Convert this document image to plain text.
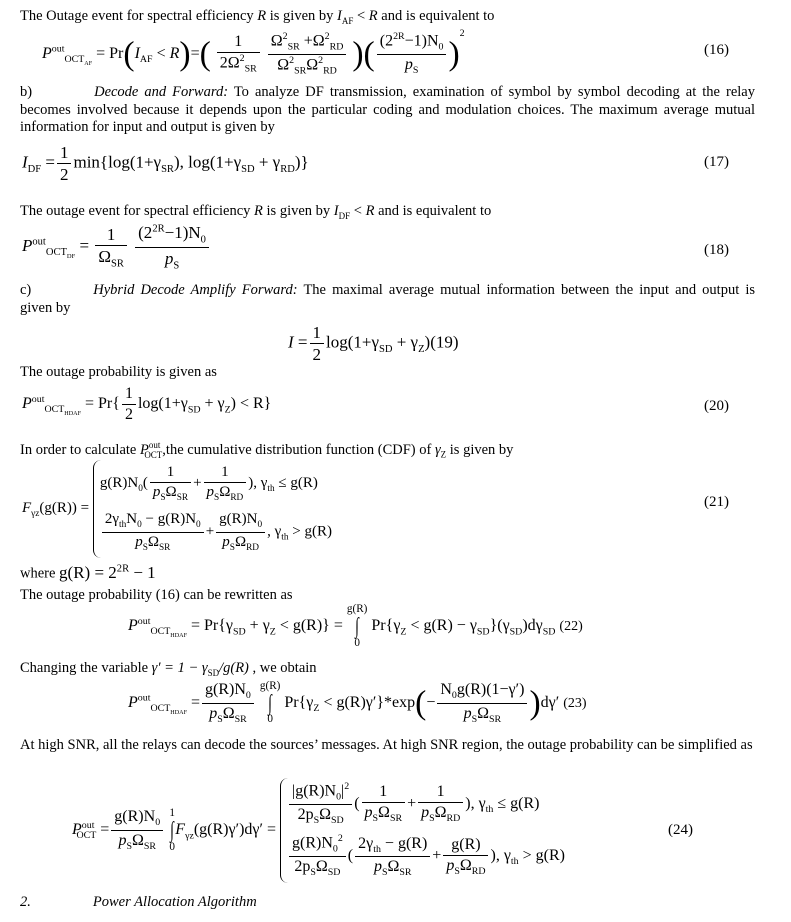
The Outage event for spectral efficiency R is given by $I_{AF} < R$ and is equivalent to
$P^{out}_{OCT_{AF}} = Pr(I_{AF} < R)=( \frac{1}{2\Omega^2_{SR}}$
$\frac{\Omega^2_{SR} +\Omega^2_{RD}}{\Omega^2_{SR}\Omega^2_{RD}}$ )( $\frac{(2^{2R}-1)N_0}{p_S} )^2$
(16)
b)	Decode and Forward: To analyze DF transmission, examination of symbol by symbol decoding at the relay becomes involved because it depends upon the particular coding and modulation choices. The maximum average mutual information for input and output is given by
$I_{DF} = \frac{1}{2} \min\{\log(1+\gamma_{SR})$, $\log(1+\gamma_{SD} + \gamma_{RD})$}	(17)
The outage event for spectral efficiency R is given by $I_{DF} < R$ and is equivalent to
$P^{out}_{OCT_{DF}} = \frac{1}{\Omega_{SR}}$
$\frac{(2^{2R}-1)N_0}{p_S}$	(18)
c)	Hybrid Decode Amplify Forward: The maximal average mutual information between the input and output is given by
$I = \frac{1}{2} \log(1+\gamma_{SD} + \gamma_Z)(19)$
The outage probability is given as
$P^{out}_{OCT_{HDAF}} = Pr\{ \frac{1}{2} \log(1+\gamma_{SD} + \gamma_Z) < R\}$	(20)
In order to calculate $P^{out}_{OCT},the$ cumulative distribution function (CDF) of $\gamma_Z$ is given by
$F_{\gamma z}(g(R))$ =
$g(R)N_0( \frac{1}{p_S\Omega_{SR}} + \frac{1}{p_S\Omega_{RD}}$ ), $\gamma_{th} \le g(R)$
$\frac{2\gamma_{th}N_0 - g(R)N_0}{p_S\Omega_{SR}} + \frac{g(R)N_0}{p_S\Omega_{RD}}$ , $\gamma_{th} > g(R)$
(21)
where $g(R) = 2^{2R} - 1$
The outage probability (16) can be rewritten as
$P^{out}_{OCT_{HDAF}} = Pr\{\gamma_{SD} + \gamma_Z < g(R)\}$ =
g(R)
∫
0
$Pr\{\gamma_Z < g(R) - \gamma_{SD}\}(\gamma_{SD})d\gamma_{SD}$ (22)
Changing the variable $\gamma' = 1 - \gamma_{SD}/g(R)$ , we obtain
$P^{out}_{OCT_{HDAF}} = \frac{g(R)N_0}{p_S\Omega_{SR}}$
g(R)
∫
0
$Pr\{\gamma_Z < g(R)\gamma'\}*\exp(- \frac{N_0g(R)(1-\gamma')}{p_S\Omega_{SR}} )d\gamma'$ (23)
At high SNR, all the relays can decode the sources’ messages. At high SNR region, the outage probability can be simplified as
$P^{out}_{OCT} = \frac{g(R)N_0}{p_S\Omega_{SR}}$
1
∫
0
$F_{\gamma z}(g(R)\gamma')d\gamma'$ =
$\frac{|g(R)N_0|^2}{2p_S\Omega_{SD}}$ ( $\frac{1}{p_S\Omega_{SR}} + \frac{1}{p_S\Omega_{RD}}$ ), $\gamma_{th} \le g(R)$
$\frac{g(R)N_0^2}{2p_S\Omega_{SD}}$ ( $\frac{2\gamma_{th} - g(R)}{p_S\Omega_{SR}} + \frac{g(R)}{p_S\Omega_{RD}}$ ), $\gamma_{th} > g(R)$
(24)
2.	Power Allocation Algorithm
